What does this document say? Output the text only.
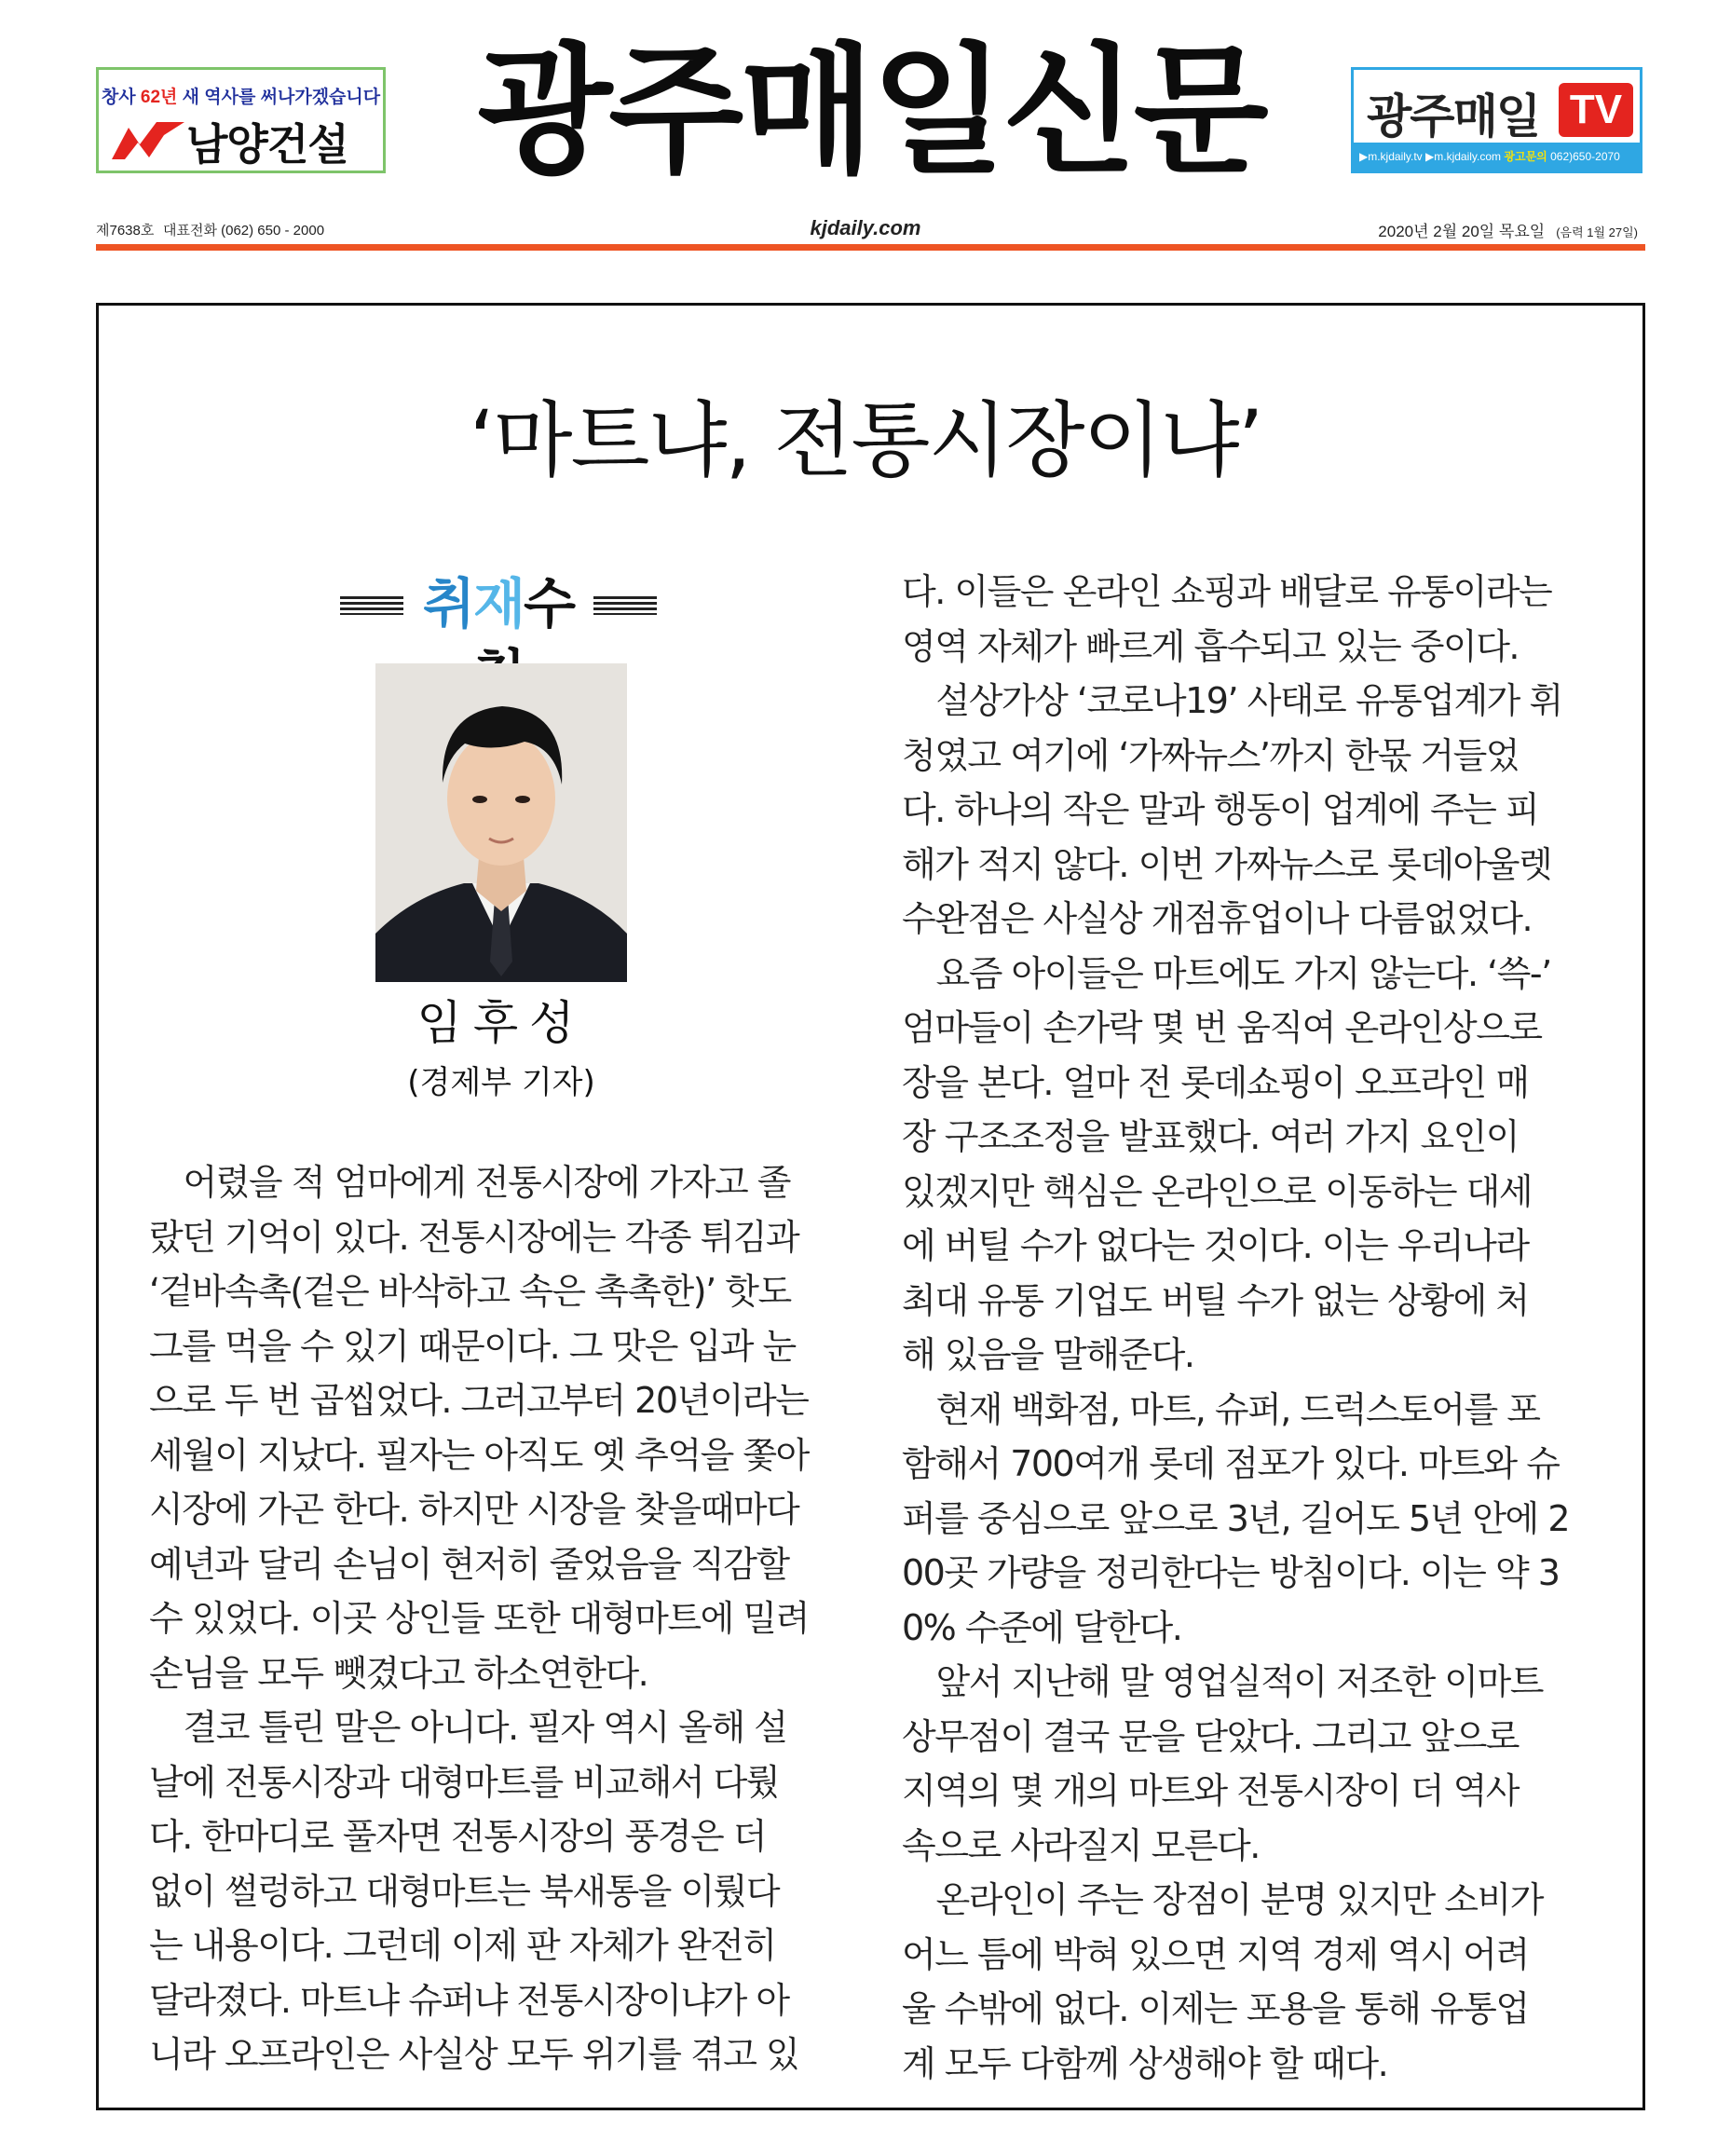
창사 62년 새 역사를 써나가겠습니다
남양건설 광주매일신문 광주매일 TV
▶m.kjdaily.tv ▶m.kjdaily.com 광고문의 062)650-2070
제7638호 대표전화 (062) 650 - 2000	kjdaily.com	2020년 2월 20일 목요일 (음력 1월 27일)
‘마트냐, 전통시장이냐’
취재수
임후성
(경제부 기자)
　어렸을 적 엄마에게 전통시장에 가자고 졸
랐던 기억이 있다. 전통시장에는 각종 튀김과
‘겉바속촉(겉은 바삭하고 속은 촉촉한)’ 핫도
그를 먹을 수 있기 때문이다. 그 맛은 입과 눈
으로 두 번 곱씹었다. 그러고부터 20년이라는
세월이 지났다. 필자는 아직도 옛 추억을 쫓아
시장에 가곤 한다. 하지만 시장을 찾을때마다
예년과 달리 손님이 현저히 줄었음을 직감할
수 있었다. 이곳 상인들 또한 대형마트에 밀려
손님을 모두 뺏겼다고 하소연한다.
　결코 틀린 말은 아니다. 필자 역시 올해 설
날에 전통시장과 대형마트를 비교해서 다뤘
다. 한마디로 풀자면 전통시장의 풍경은 더
없이 썰렁하고 대형마트는 북새통을 이뤘다
는 내용이다. 그런데 이제 판 자체가 완전히
달라졌다. 마트냐 슈퍼냐 전통시장이냐가 아
니라 오프라인은 사실상 모두 위기를 겪고 있
다. 이들은 온라인 쇼핑과 배달로 유통이라는
영역 자체가 빠르게 흡수되고 있는 중이다.
　설상가상 ‘코로나19’ 사태로 유통업계가 휘
청였고 여기에 ‘가짜뉴스’까지 한몫 거들었
다. 하나의 작은 말과 행동이 업계에 주는 피
해가 적지 않다. 이번 가짜뉴스로 롯데아울렛
수완점은 사실상 개점휴업이나 다름없었다.
　요즘 아이들은 마트에도 가지 않는다. ‘쓱-’
엄마들이 손가락 몇 번 움직여 온라인상으로
장을 본다. 얼마 전 롯데쇼핑이 오프라인 매
장 구조조정을 발표했다. 여러 가지 요인이
있겠지만 핵심은 온라인으로 이동하는 대세
에 버틸 수가 없다는 것이다. 이는 우리나라
최대 유통 기업도 버틸 수가 없는 상황에 처
해 있음을 말해준다.
　현재 백화점, 마트, 슈퍼, 드럭스토어를 포
함해서 700여개 롯데 점포가 있다. 마트와 슈
퍼를 중심으로 앞으로 3년, 길어도 5년 안에 2
00곳 가량을 정리한다는 방침이다. 이는 약 3
0% 수준에 달한다.
　앞서 지난해 말 영업실적이 저조한 이마트
상무점이 결국 문을 닫았다. 그리고 앞으로
지역의 몇 개의 마트와 전통시장이 더 역사
속으로 사라질지 모른다.
　온라인이 주는 장점이 분명 있지만 소비가
어느 틈에 박혀 있으면 지역 경제 역시 어려
울 수밖에 없다. 이제는 포용을 통해 유통업
계 모두 다함께 상생해야 할 때다.
